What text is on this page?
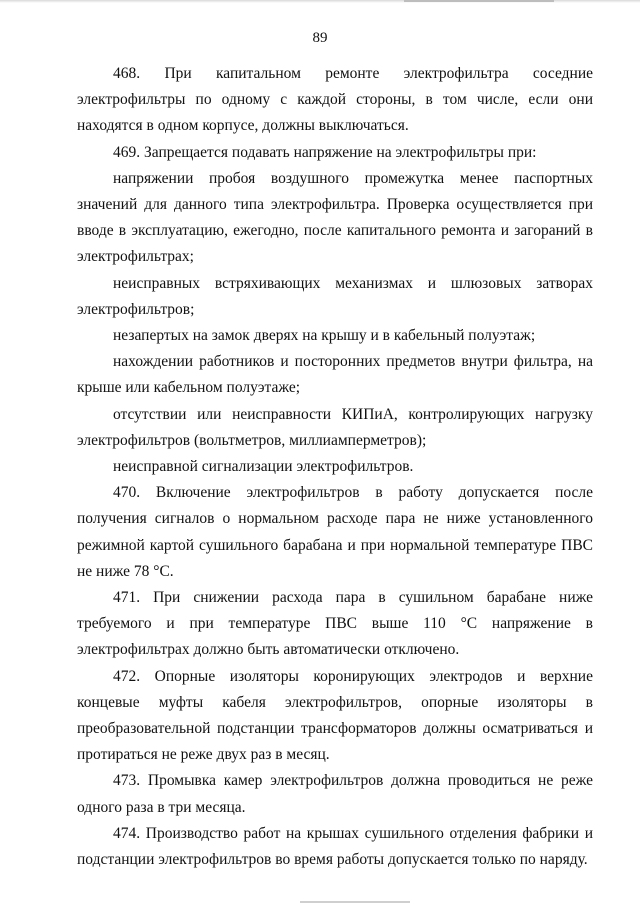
89

468. При капитальном ремонте электрофильтра соседние электрофильтры по одному с каждой стороны, в том числе, если они находятся в одном корпусе, должны выключаться.

469. Запрещается подавать напряжение на электрофильтры при:

напряжении пробоя воздушного промежутка менее паспортных значений для данного типа электрофильтра. Проверка осуществляется при вводе в эксплуатацию, ежегодно, после капитального ремонта и загораний в электрофильтрах;

неисправных встряхивающих механизмах и шлюзовых затворах электрофильтров;

незапертых на замок дверях на крышу и в кабельный полуэтаж;

нахождении работников и посторонних предметов внутри фильтра, на крыше или кабельном полуэтаже;

отсутствии или неисправности КИПиА, контролирующих нагрузку электрофильтров (вольтметров, миллиамперметров);

неисправной сигнализации электрофильтров.

470. Включение электрофильтров в работу допускается после получения сигналов о нормальном расходе пара не ниже установленного режимной картой сушильного барабана и при нормальной температуре ПВС не ниже 78 °С.

471. При снижении расхода пара в сушильном барабане ниже требуемого и при температуре ПВС выше 110 °С напряжение в электрофильтрах должно быть автоматически отключено.

472. Опорные изоляторы коронирующих электродов и верхние концевые муфты кабеля электрофильтров, опорные изоляторы в преобразовательной подстанции трансформаторов должны осматриваться и протираться не реже двух раз в месяц.

473. Промывка камер электрофильтров должна проводиться не реже одного раза в три месяца.

474. Производство работ на крышах сушильного отделения фабрики и подстанции электрофильтров во время работы допускается только по наряду.
